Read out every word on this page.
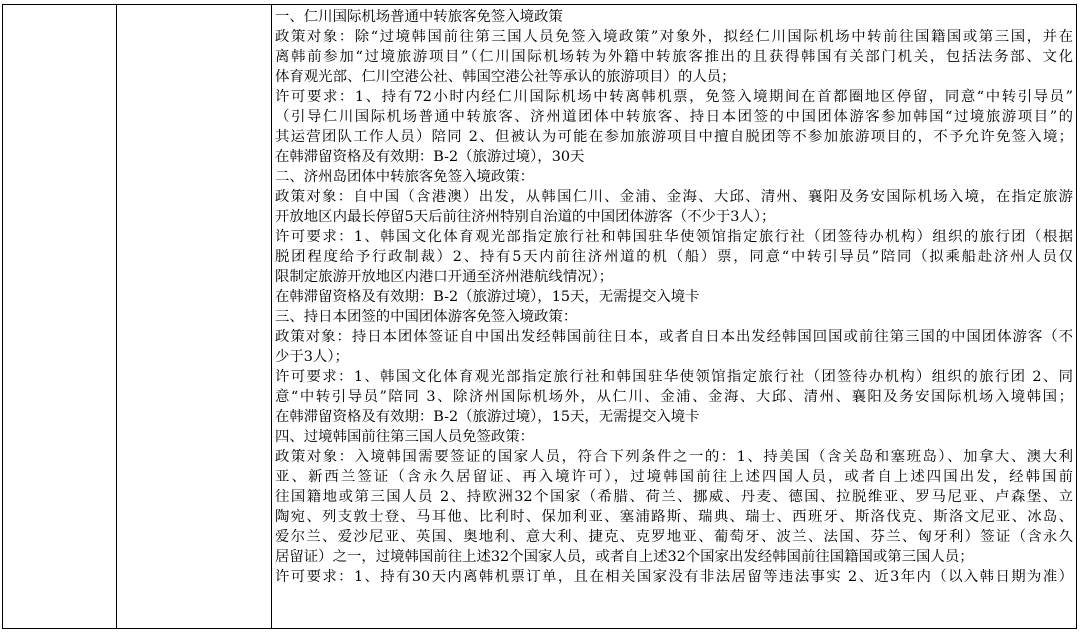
一、仁川国际机场普通中转旅客免签入境政策
政策对象：除“过境韩国前往第三国人员免签入境政策”对象外，拟经仁川国际机场中转前往国籍国或第三国，并在
离韩前参加“过境旅游项目”（仁川国际机场转为外籍中转旅客推出的且获得韩国有关部门机关，包括法务部、文化
体育观光部、仁川空港公社、韩国空港公社等承认的旅游项目）的人员；
许可要求：1、持有72小时内经仁川国际机场中转离韩机票，免签入境期间在首都圈地区停留，同意“中转引导员”
（引导仁川国际机场普通中转旅客、济州道团体中转旅客、持日本团签的中国团体游客参加韩国“过境旅游项目”的
其运营团队工作人员）陪同 2、但被认为可能在参加旅游项目中擅自脱团等不参加旅游项目的，不予允许免签入境；
在韩滞留资格及有效期：B-2（旅游过境），30天
二、济州岛团体中转旅客免签入境政策：
政策对象：自中国（含港澳）出发，从韩国仁川、金浦、金海、大邱、清州、襄阳及务安国际机场入境，在指定旅游
开放地区内最长停留5天后前往济州特别自治道的中国团体游客（不少于3人）；
许可要求：1、韩国文化体育观光部指定旅行社和韩国驻华使领馆指定旅行社（团签待办机构）组织的旅行团（根据
脱团程度给予行政制裁）2、持有5天内前往济州道的机（船）票，同意“中转引导员”陪同（拟乘船赴济州人员仅
限制定旅游开放地区内港口开通至济州港航线情况）；
在韩滞留资格及有效期：B-2（旅游过境），15天，无需提交入境卡
三、持日本团签的中国团体游客免签入境政策：
政策对象：持日本团体签证自中国出发经韩国前往日本，或者自日本出发经韩国回国或前往第三国的中国团体游客（不
少于3人）；
许可要求：1、韩国文化体育观光部指定旅行社和韩国驻华使领馆指定旅行社（团签待办机构）组织的旅行团 2、同
意“中转引导员”陪同 3、除济州国际机场外，从仁川、金浦、金海、大邱、清州、襄阳及务安国际机场入境韩国；
在韩滞留资格及有效期：B-2（旅游过境），15天，无需提交入境卡
四、过境韩国前往第三国人员免签政策：
政策对象：入境韩国需要签证的国家人员，符合下列条件之一的：1、持美国（含关岛和塞班岛）、加拿大、澳大利
亚、新西兰签证（含永久居留证、再入境许可），过境韩国前往上述四国人员，或者自上述四国出发，经韩国前
往国籍地或第三国人员 2、持欧洲32个国家（希腊、荷兰、挪威、丹麦、德国、拉脱维亚、罗马尼亚、卢森堡、立
陶宛、列支敦士登、马耳他、比利时、保加利亚、塞浦路斯、瑞典、瑞士、西班牙、斯洛伐克、斯洛文尼亚、冰岛、
爱尔兰、爱沙尼亚、英国、奥地利、意大利、捷克、克罗地亚、葡萄牙、波兰、法国、芬兰、匈牙利）签证（含永久
居留证）之一，过境韩国前往上述32个国家人员，或者自上述32个国家出发经韩国前往国籍国或第三国人员；
许可要求：1、持有30天内离韩机票订单，且在相关国家没有非法居留等违法事实 2、近3年内（以入韩日期为准）
